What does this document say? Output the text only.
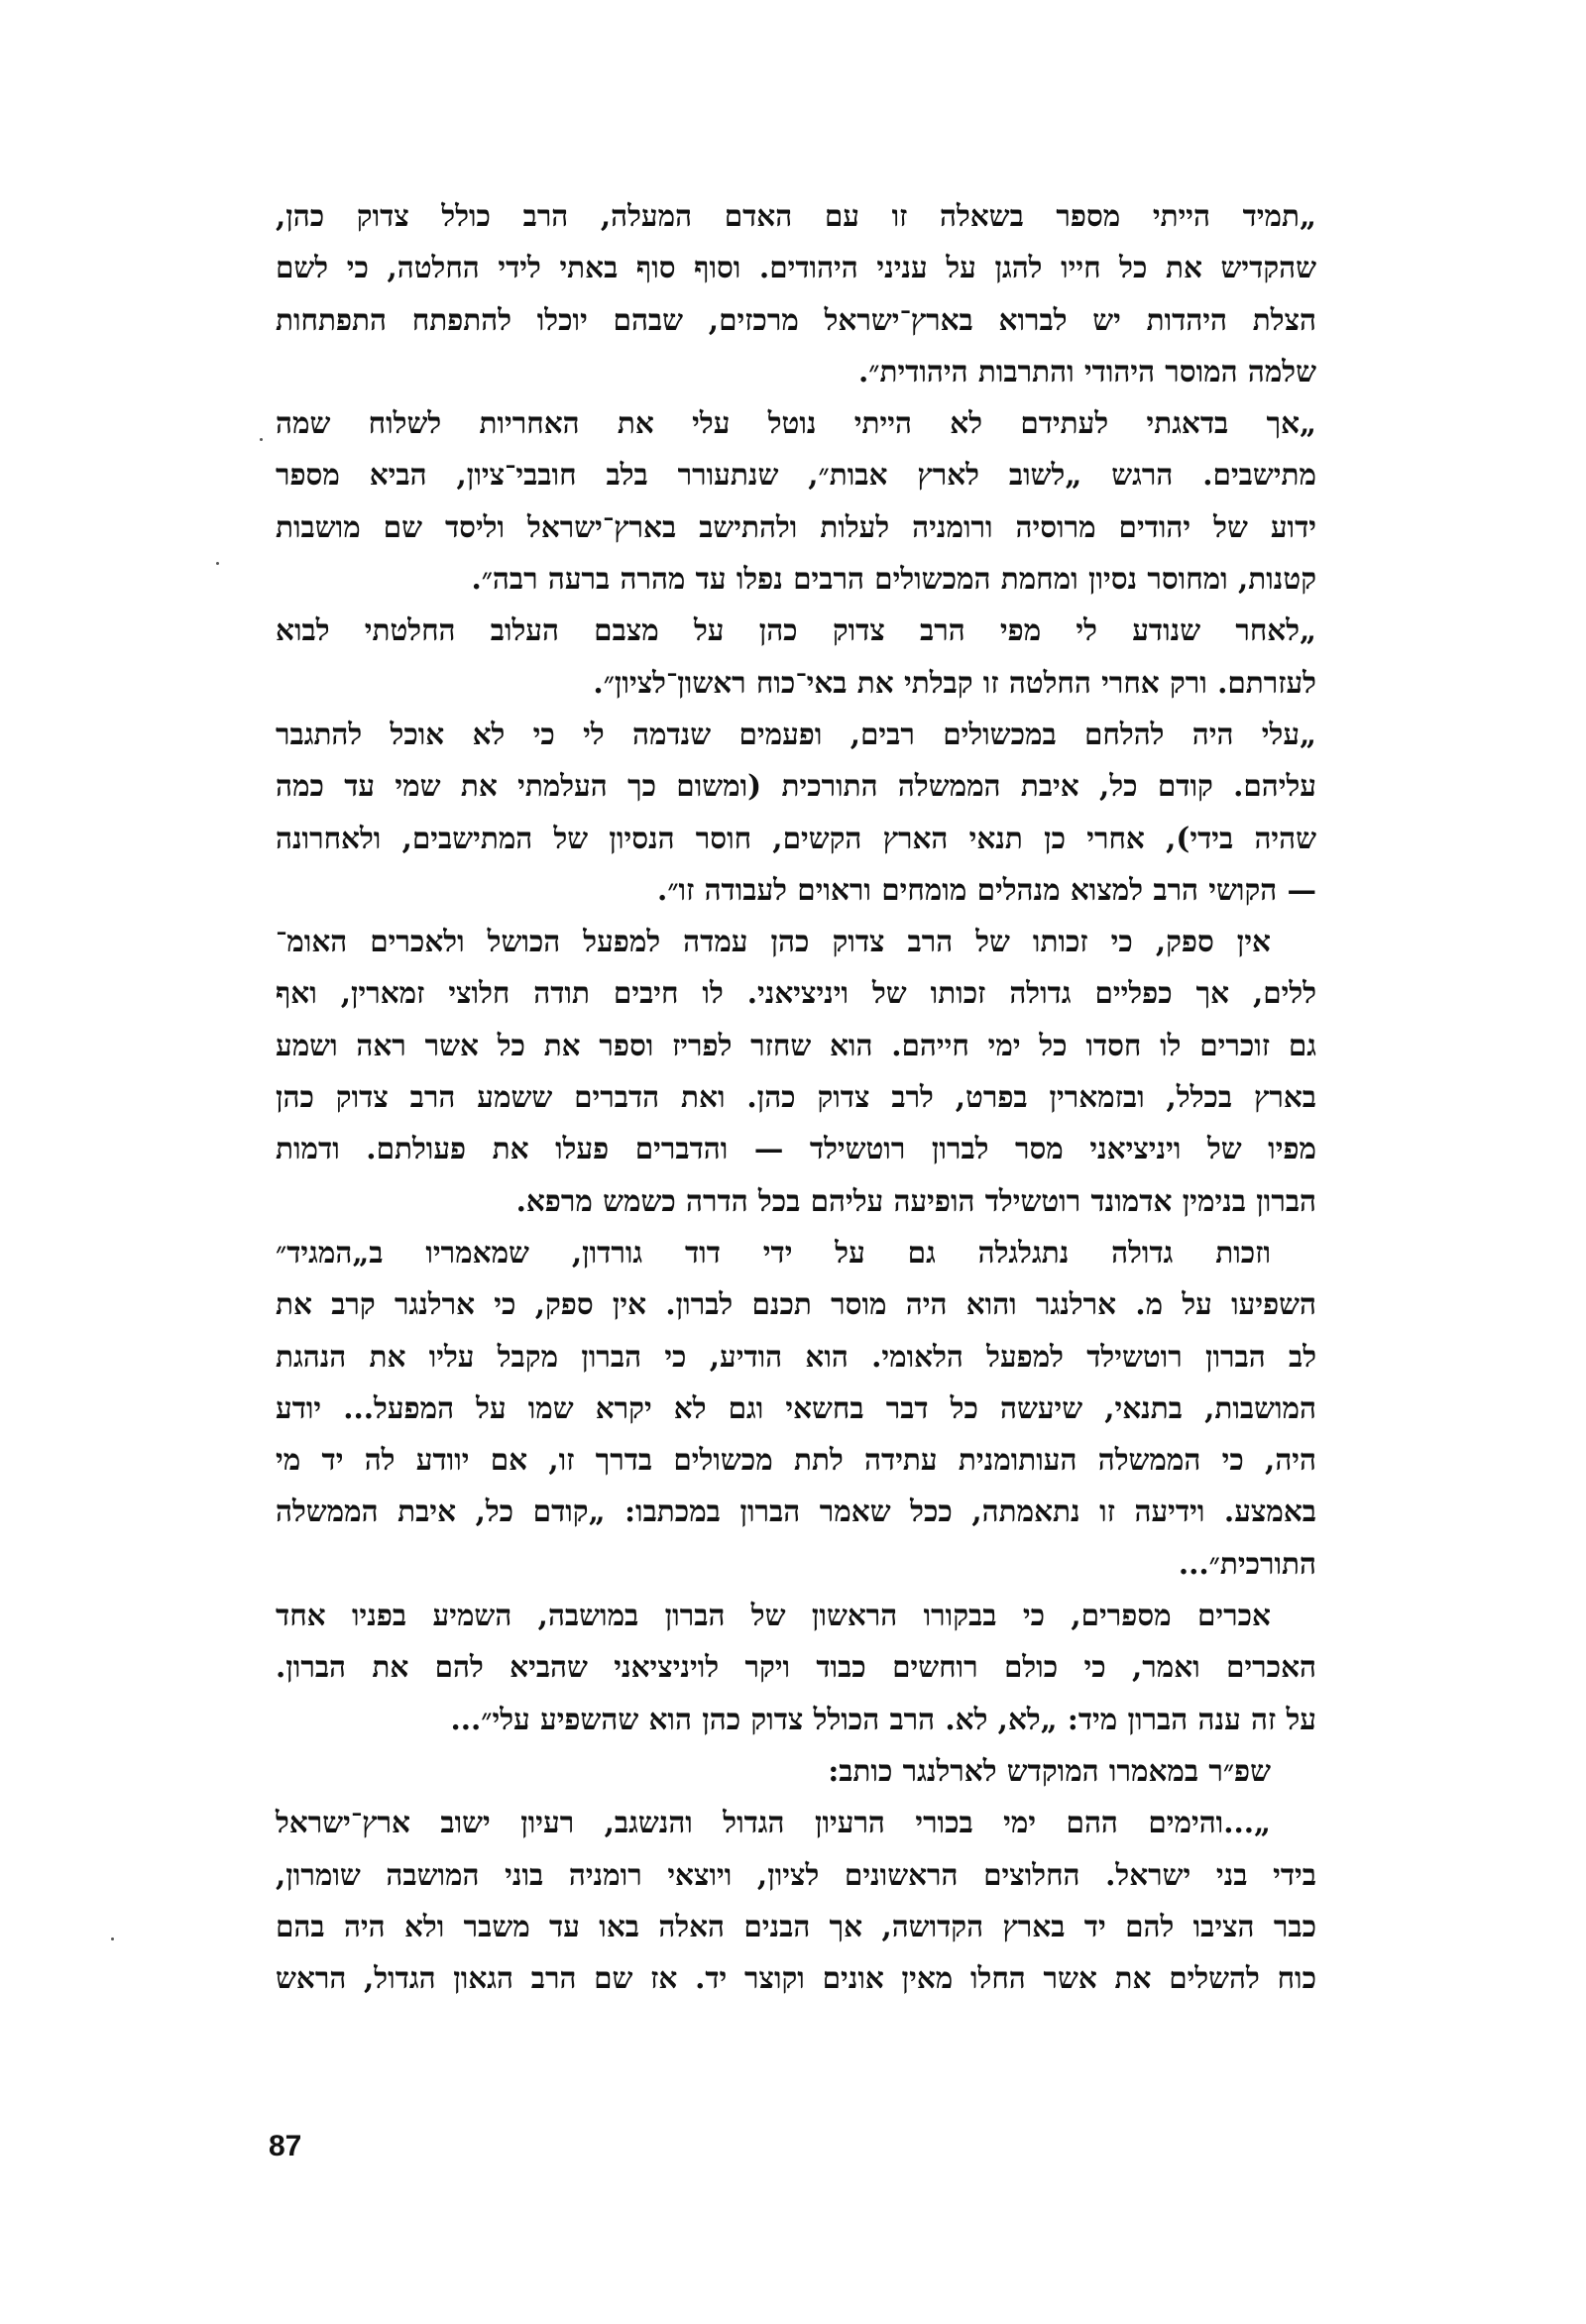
„תמיד הייתי מספר בשאלה זו עם האדם המעלה, הרב כולל צדוק כהן,
שהקדיש את כל חייו להגן על עניני היהודים. וסוף סוף באתי לידי החלטה, כי לשם
הצלת היהדות יש לברוא בארץ־ישראל מרכזים, שבהם יוכלו להתפתח התפתחות
שלמה המוסר היהודי והתרבות היהודית״.

„אך בדאגתי לעתידם לא הייתי נוטל עלי את האחריות לשלוח שמה
מתישבים. הרגש „לשוב לארץ אבות״, שנתעורר בלב חובבי־ציון, הביא מספר
ידוע של יהודים מרוסיה ורומניה לעלות ולהתישב בארץ־ישראל וליסד שם מושבות
קטנות, ומחוסר נסיון ומחמת המכשולים הרבים נפלו עד מהרה ברעה רבה״.

„לאחר שנודע לי מפי הרב צדוק כהן על מצבם העלוב החלטתי לבוא
לעזרתם. ורק אחרי החלטה זו קבלתי את באי־כוח ראשון־לציון״.

„עלי היה להלחם במכשולים רבים, ופעמים שנדמה לי כי לא אוכל להתגבר
עליהם. קודם כל, איבת הממשלה התורכית (ומשום כך העלמתי את שמי עד כמה
שהיה בידי), אחרי כן תנאי הארץ הקשים, חוסר הנסיון של המתישבים, ולאחרונה
— הקושי הרב למצוא מנהלים מומחים וראוים לעבודה זו״.

אין ספק, כי זכותו של הרב צדוק כהן עמדה למפעל הכושל ולאכרים האומ־
ללים, אך כפליים גדולה זכותו של ויניציאני. לו חיבים תודה חלוצי זמארין, ואף
גם זוכרים לו חסדו כל ימי חייהם. הוא שחזר לפריז וספר את כל אשר ראה ושמע
בארץ בכלל, ובזמארין בפרט, לרב צדוק כהן. ואת הדברים ששמע הרב צדוק כהן
מפיו של ויניציאני מסר לברון רוטשילד — והדברים פעלו את פעולתם. ודמות
הברון בנימין אדמונד רוטשילד הופיעה עליהם בכל הדרה כשמש מרפא.

וזכות גדולה נתגלגלה גם על ידי דוד גורדון, שמאמריו ב„המגיד״
השפיעו על מ. ארלנגר והוא היה מוסר תכנם לברון. אין ספק, כי ארלנגר קרב את
לב הברון רוטשילד למפעל הלאומי. הוא הודיע, כי הברון מקבל עליו את הנהגת
המושבות, בתנאי, שיעשה כל דבר בחשאי וגם לא יקרא שמו על המפעל... יודע
היה, כי הממשלה העותומנית עתידה לתת מכשולים בדרך זו, אם יוודע לה יד מי
באמצע. וידיעה זו נתאמתה, ככל שאמר הברון במכתבו: „קודם כל, איבת הממשלה
התורכית״...

אכרים מספרים, כי בבקורו הראשון של הברון במושבה, השמיע בפניו אחד
האכרים ואמר, כי כולם רוחשים כבוד ויקר לויניציאני שהביא להם את הברון.
על זה ענה הברון מיד: „לא, לא. הרב הכולל צדוק כהן הוא שהשפיע עלי״...

שפ״ר במאמרו המוקדש לארלנגר כותב:

„...והימים ההם ימי בכורי הרעיון הגדול והנשגב, רעיון ישוב ארץ־ישראל
בידי בני ישראל. החלוצים הראשונים לציון, ויוצאי רומניה בוני המושבה שומרון,
כבר הציבו להם יד בארץ הקדושה, אך הבנים האלה באו עד משבר ולא היה בהם
כוח להשלים את אשר החלו מאין אונים וקוצר יד. אז שם הרב הגאון הגדול, הראש

87
